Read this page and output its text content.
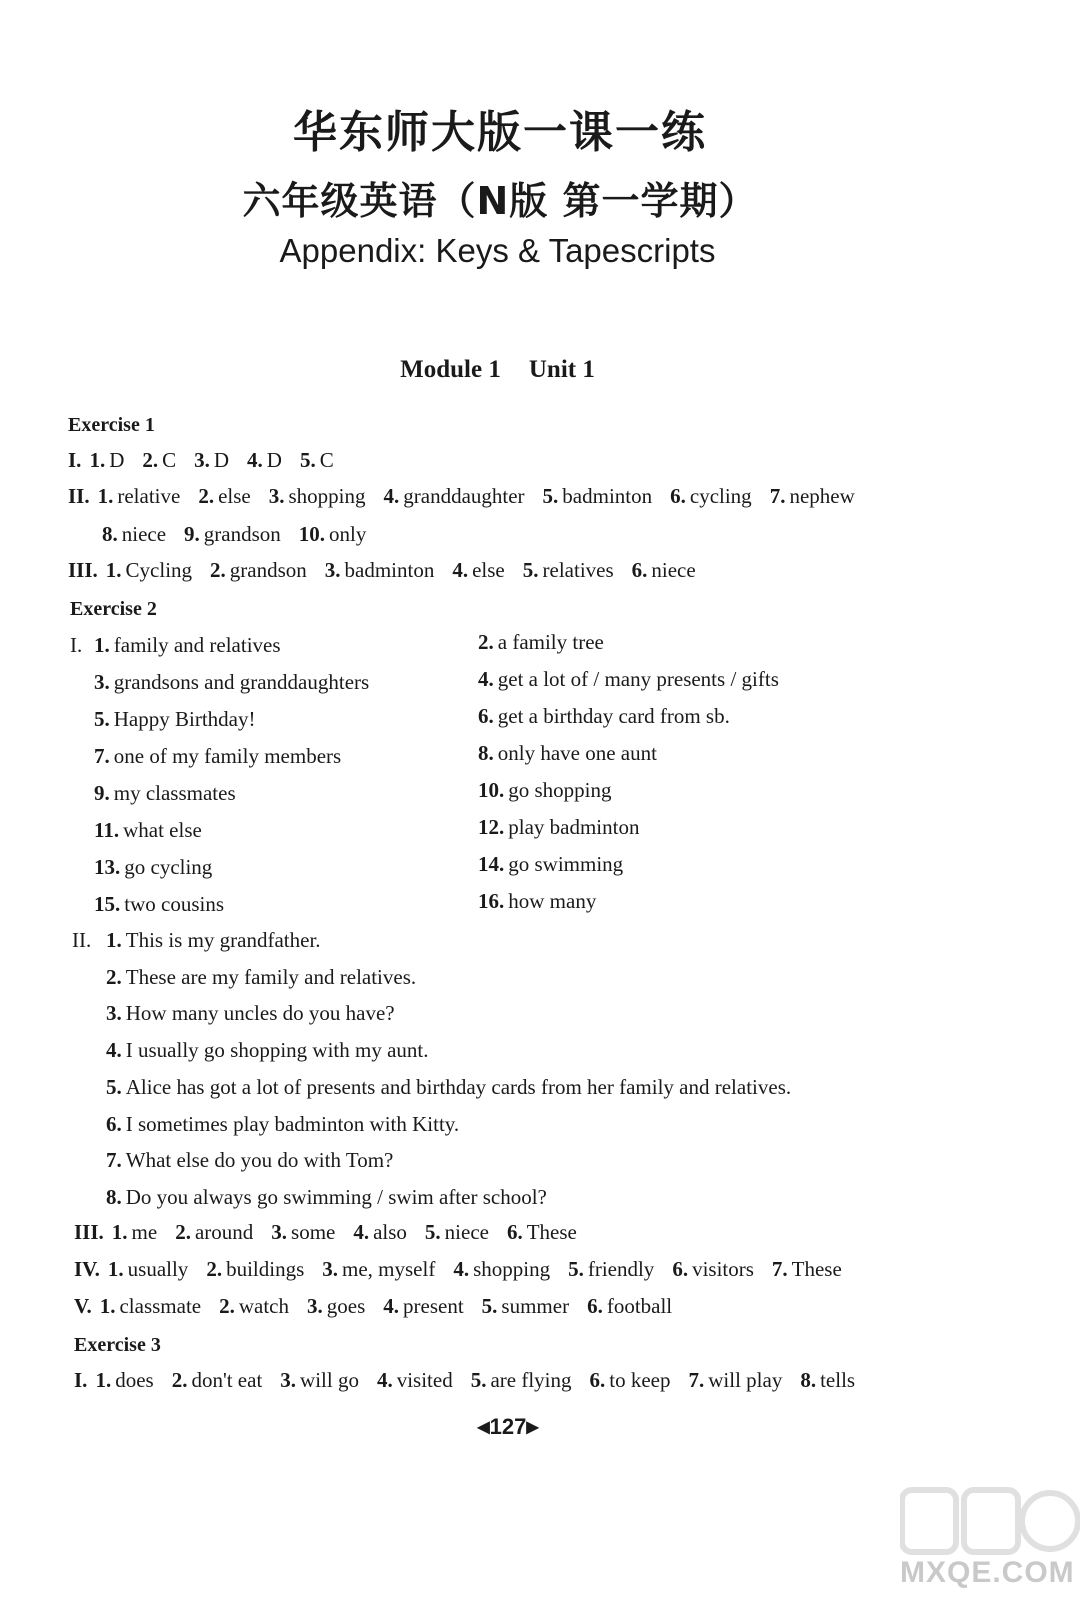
华东师大版一课一练
六年级英语（N版 第一学期）
Appendix: Keys & Tapescripts
Module 1 Unit 1
Exercise 1
I. 1. D 2. C 3. D 4. D 5. C
II. 1. relative 2. else 3. shopping 4. granddaughter 5. badminton 6. cycling 7. nephew
8. niece 9. grandson 10. only
III. 1. Cycling 2. grandson 3. badminton 4. else 5. relatives 6. niece
Exercise 2
I.
II.
III. 1. me 2. around 3. some 4. also 5. niece 6. These
IV. 1. usually 2. buildings 3. me, myself 4. shopping 5. friendly 6. visitors 7. These
V. 1. classmate 2. watch 3. goes 4. present 5. summer 6. football
Exercise 3
I. 1. does 2. don't eat 3. will go 4. visited 5. are flying 6. to keep 7. will play 8. tells
◀127▶
MXQE.COM
1. family and relatives
3. grandsons and granddaughters
5. Happy Birthday!
7. one of my family members
9. my classmates
11. what else
13. go cycling
15. two cousins
2. a family tree
4. get a lot of / many presents / gifts
6. get a birthday card from sb.
8. only have one aunt
10. go shopping
12. play badminton
14. go swimming
16. how many
1. This is my grandfather.
2. These are my family and relatives.
3. How many uncles do you have?
4. I usually go shopping with my aunt.
5. Alice has got a lot of presents and birthday cards from her family and relatives.
6. I sometimes play badminton with Kitty.
7. What else do you do with Tom?
8. Do you always go swimming / swim after school?
